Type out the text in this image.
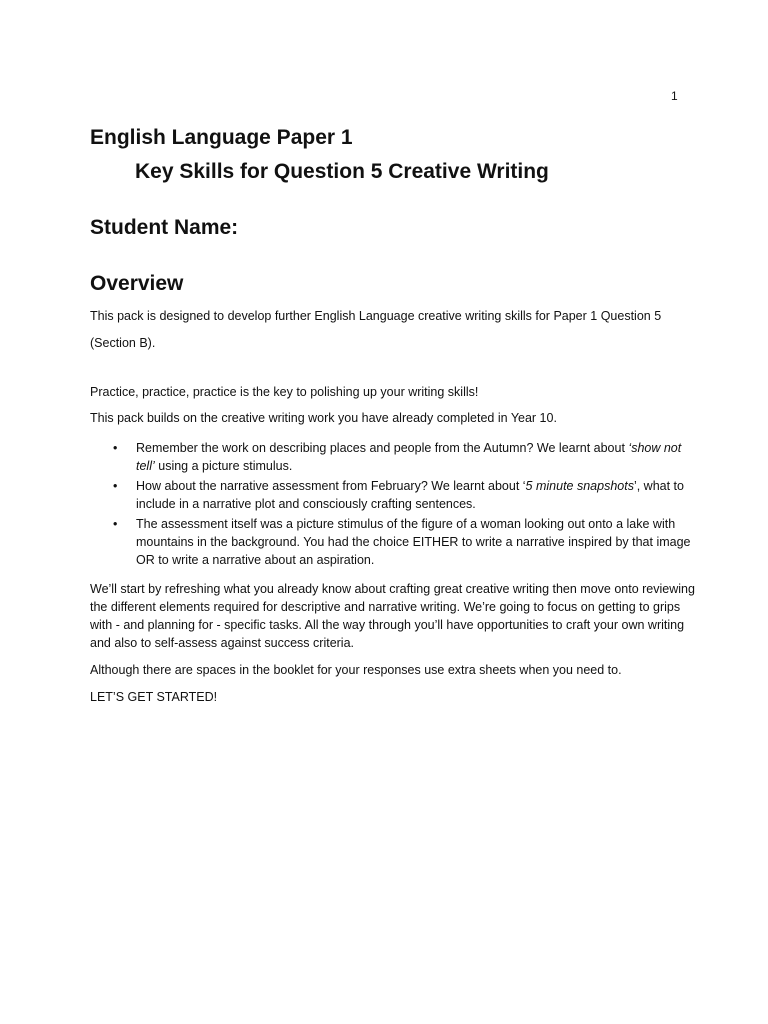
1
English Language Paper 1
Key Skills for Question 5 Creative Writing
Student Name:
Overview

This pack is designed to develop further English Language creative writing skills for Paper 1 Question 5 (Section B).

Practice, practice, practice is the key to polishing up your writing skills!

This pack builds on the creative writing work you have already completed in Year 10.

• Remember the work on describing places and people from the Autumn? We learnt about ‘show not tell’ using a picture stimulus.
• How about the narrative assessment from February? We learnt about ‘5 minute snapshots’, what to include in a narrative plot and consciously crafting sentences.
• The assessment itself was a picture stimulus of the figure of a woman looking out onto a lake with mountains in the background. You had the choice EITHER to write a narrative inspired by that image OR to write a narrative about an aspiration.

We’ll start by refreshing what you already know about crafting great creative writing then move onto reviewing the different elements required for descriptive and narrative writing. We’re going to focus on getting to grips with - and planning for - specific tasks. All the way through you’ll have opportunities to craft your own writing and also to self-assess against success criteria.

Although there are spaces in the booklet for your responses use extra sheets when you need to.

LET’S GET STARTED!
